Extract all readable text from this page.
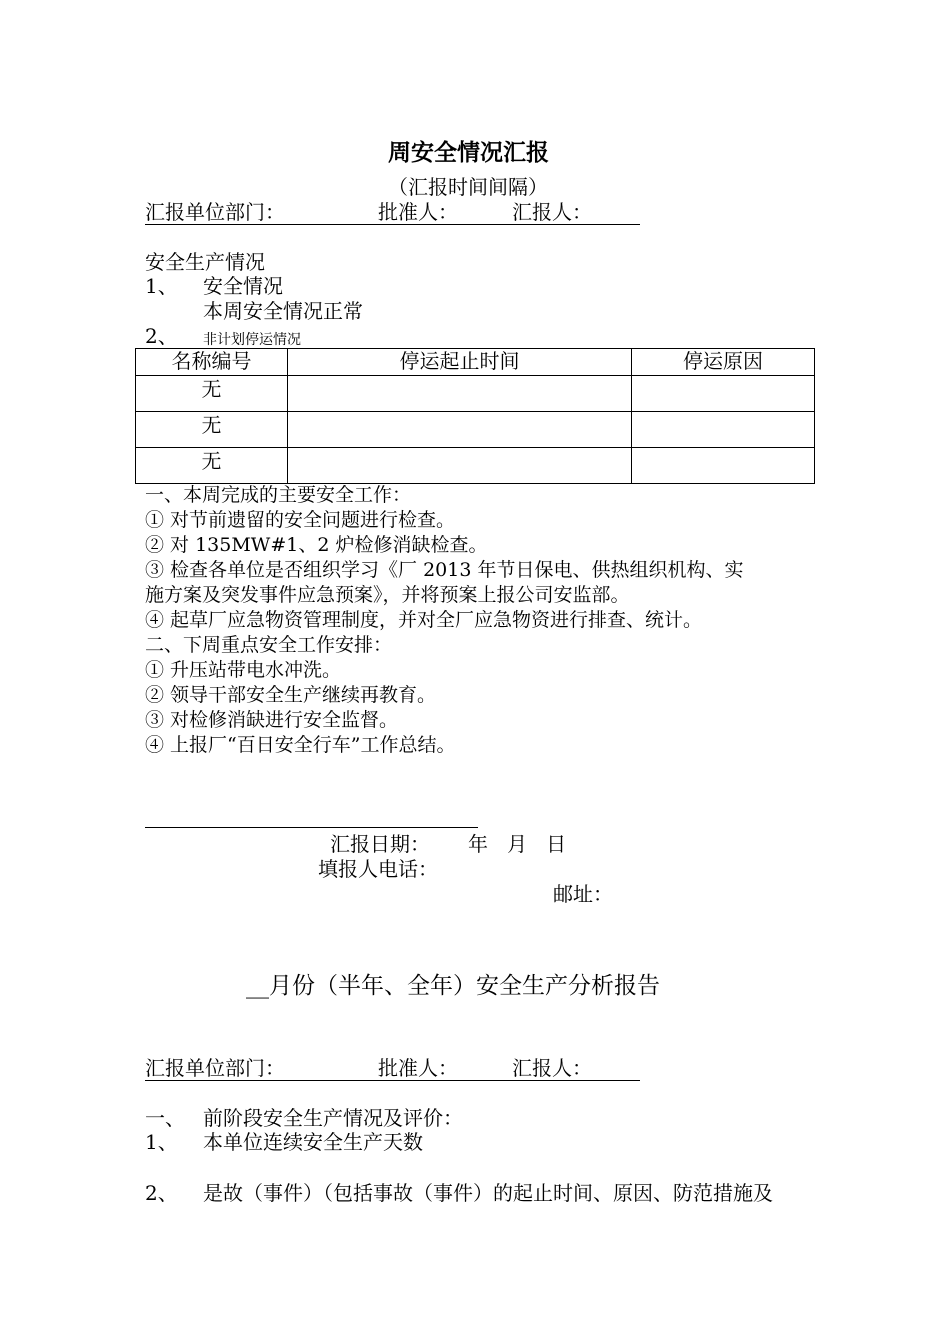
周安全情况汇报
（汇报时间间隔）
汇报单位部门：	批准人：	汇报人：
安全生产情况
1、 安全情况
本周安全情况正常
2、 非计划停运情况
名称编号	停运起止时间	停运原因
无		
无		
无		
一、本周完成的主要安全工作：
① 对节前遗留的安全问题进行检查。
② 对 135MW#1、2 炉检修消缺检查。
③ 检查各单位是否组织学习《厂 2013 年节日保电、供热组织机构、实
施方案及突发事件应急预案》，并将预案上报公司安监部。
④ 起草厂应急物资管理制度，并对全厂应急物资进行排查、统计。
二、下周重点安全工作安排：
① 升压站带电水冲洗。
② 领导干部安全生产继续再教育。
③ 对检修消缺进行安全监督。
④ 上报厂“百日安全行车”工作总结。
汇报日期： 年   月   日
填报人电话：
邮址：
__月份（半年、全年）安全生产分析报告
汇报单位部门：	批准人：	汇报人：
一、 前阶段安全生产情况及评价：
1、 本单位连续安全生产天数
2、 是故（事件）（包括事故（事件）的起止时间、原因、防范措施及
